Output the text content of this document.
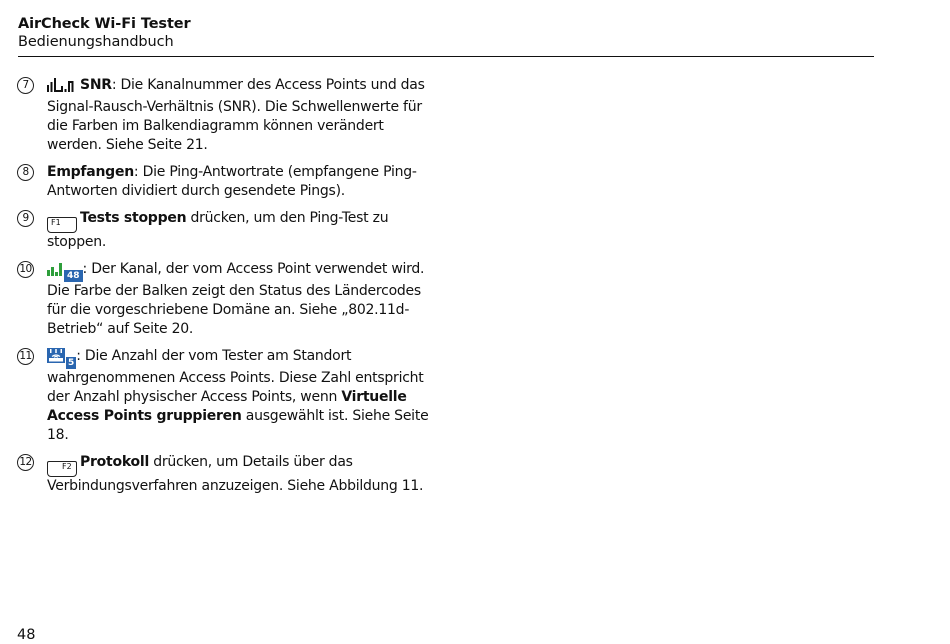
AirCheck Wi-Fi Tester
Bedienungshandbuch
7	SNR: Die Kanalnummer des Access Points und das Signal-Rausch-Verhältnis (SNR). Die Schwellenwerte für die Farben im Balkendiagramm können verändert werden. Siehe Seite 21.
8	Empfangen: Die Ping-Antwortrate (empfangene Ping-Antworten dividiert durch gesendete Pings).
9	F1 Tests stoppen drücken, um den Ping-Test zu stoppen.
10
48 : Der Kanal, der vom Access Point verwendet wird. Die Farbe der Balken zeigt den Status des Ländercodes für die vorgeschriebene Domäne an. Siehe „802.11d-Betrieb“ auf Seite 20.
11
5 : Die Anzahl der vom Tester am Standort wahrgenommenen Access Points. Diese Zahl entspricht der Anzahl physischer Access Points, wenn Virtuelle Access Points gruppieren ausgewählt ist. Siehe Seite 18.
12	F2 Protokoll drücken, um Details über das Verbindungsverfahren anzuzeigen. Siehe Abbildung 11.
48
